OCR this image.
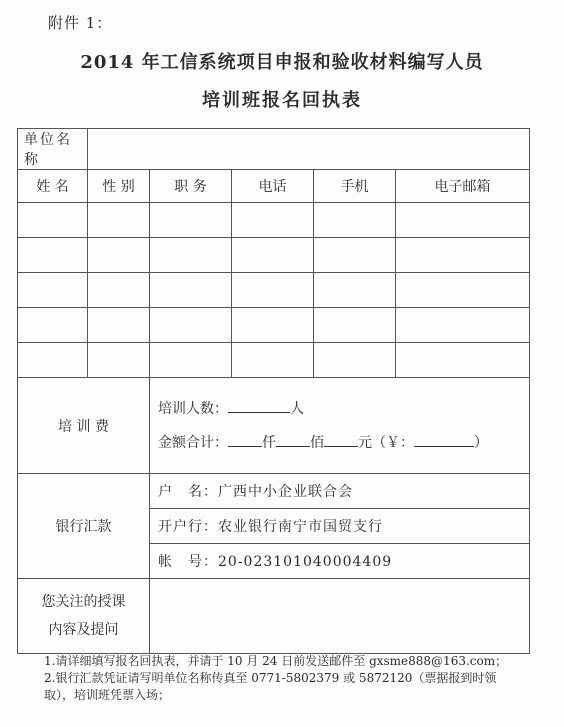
附件 1：
2014 年工信系统项目申报和验收材料编写人员
培训班报名回执表
单位名称					
姓 名	性 别	职 务	电话	手机	电子邮箱

培 训 费		培训人数： 人
金额合计： 仟 佰 元（￥： ）			

银行汇款		户　名：广西中小企业联合会			
		开户行：农业银行南宁市国贸支行			
		帐　号：20-023101040004409			

您关注的授课
内容及提问					

1.请详细填写报名回执表，并请于 10 月 24 日前发送邮件至 gxsme888@163.com；
2.银行汇款凭证请写明单位名称传真至 0771-5802379 或 5872120（票据报到时领取），培训班凭票入场；
